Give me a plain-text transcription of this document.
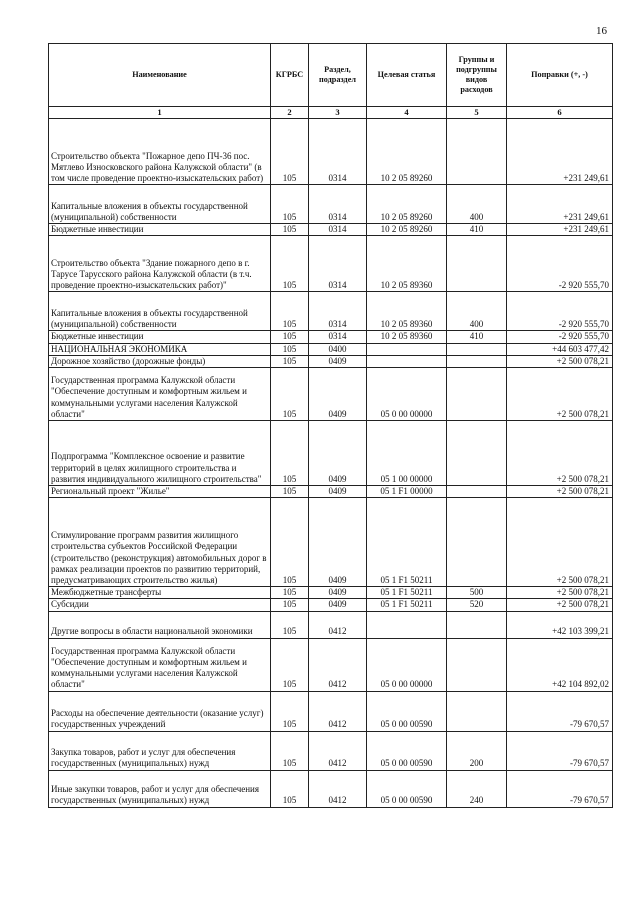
16
Наименование	КГРБС	Раздел, подраздел	Целевая статья	Группы и подгруппы видов расходов	Поправки (+, -)
1	2	3	4	5	6
Строительство объекта "Пожарное депо ПЧ-36 пос. Мятлево Износковского района Калужской области" (в том числе проведение проектно-изыскательских работ)	105	0314	10 2 05 89260		+231 249,61
Капитальные вложения в объекты государственной (муниципальной) собственности	105	0314	10 2 05 89260	400	+231 249,61
Бюджетные инвестиции	105	0314	10 2 05 89260	410	+231 249,61
Строительство объекта "Здание пожарного депо в г. Тарусе Тарусского района Калужской области (в т.ч. проведение проектно-изыскательских работ)"	105	0314	10 2 05 89360		-2 920 555,70
Капитальные вложения в объекты государственной (муниципальной) собственности	105	0314	10 2 05 89360	400	-2 920 555,70
Бюджетные инвестиции	105	0314	10 2 05 89360	410	-2 920 555,70
НАЦИОНАЛЬНАЯ ЭКОНОМИКА	105	0400			+44 603 477,42
Дорожное хозяйство (дорожные фонды)	105	0409			+2 500 078,21
Государственная программа Калужской области "Обеспечение доступным и комфортным жильем и коммунальными услугами населения Калужской области"	105	0409	05 0 00 00000		+2 500 078,21
Подпрограмма "Комплексное освоение и развитие территорий в целях жилищного строительства и развития индивидуального жилищного строительства"	105	0409	05 1 00 00000		+2 500 078,21
Региональный проект "Жилье"	105	0409	05 1 F1 00000		+2 500 078,21
Стимулирование программ развития жилищного строительства субъектов Российской Федерации (строительство (реконструкция) автомобильных дорог в рамках реализации проектов по развитию территорий, предусматривающих строительство жилья)	105	0409	05 1 F1 50211		+2 500 078,21
Межбюджетные трансферты	105	0409	05 1 F1 50211	500	+2 500 078,21
Субсидии	105	0409	05 1 F1 50211	520	+2 500 078,21
Другие вопросы в области национальной экономики	105	0412			+42 103 399,21
Государственная программа Калужской области "Обеспечение доступным и комфортным жильем и коммунальными услугами населения Калужской области"	105	0412	05 0 00 00000		+42 104 892,02
Расходы на обеспечение деятельности (оказание услуг) государственных учреждений	105	0412	05 0 00 00590		-79 670,57
Закупка товаров, работ и услуг для обеспечения государственных (муниципальных) нужд	105	0412	05 0 00 00590	200	-79 670,57
Иные закупки товаров, работ и услуг для обеспечения государственных (муниципальных) нужд	105	0412	05 0 00 00590	240	-79 670,57
